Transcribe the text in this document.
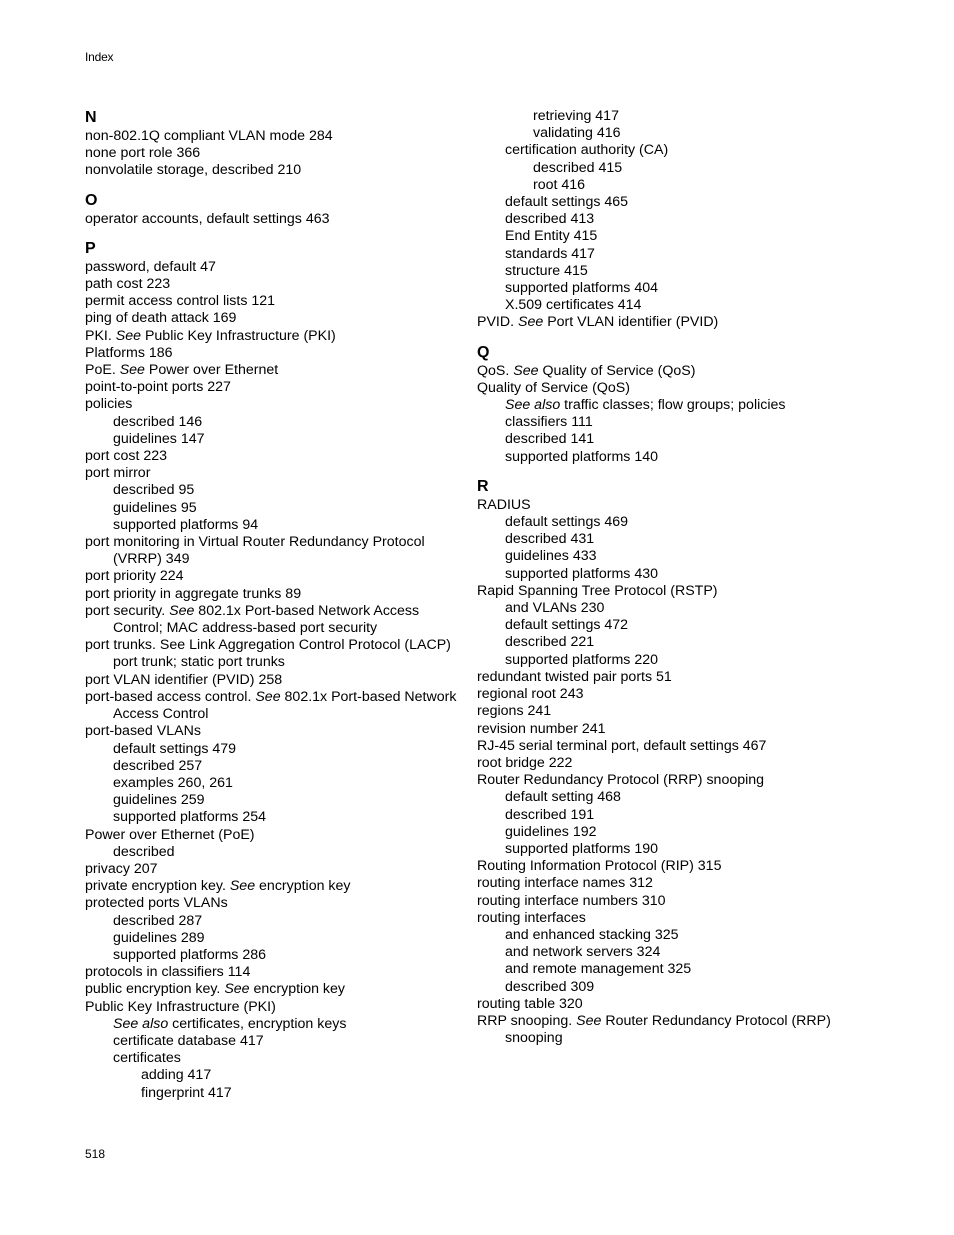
Index
N
non-802.1Q compliant VLAN mode 284
none port role 366
nonvolatile storage, described 210
O
operator accounts, default settings 463
P
password, default 47
path cost 223
permit access control lists 121
ping of death attack 169
PKI. See Public Key Infrastructure (PKI)
Platforms 186
PoE. See Power over Ethernet
point-to-point ports 227
policies
described 146
guidelines 147
port cost 223
port mirror
described 95
guidelines 95
supported platforms 94
port monitoring in Virtual Router Redundancy Protocol
(VRRP) 349
port priority 224
port priority in aggregate trunks 89
port security. See 802.1x Port-based Network Access
Control; MAC address-based port security
port trunks. See Link Aggregation Control Protocol (LACP)
port trunk; static port trunks
port VLAN identifier (PVID) 258
port-based access control. See 802.1x Port-based Network
Access Control
port-based VLANs
default settings 479
described 257
examples 260, 261
guidelines 259
supported platforms 254
Power over Ethernet (PoE)
described
privacy 207
private encryption key. See encryption key
protected ports VLANs
described 287
guidelines 289
supported platforms 286
protocols in classifiers 114
public encryption key. See encryption key
Public Key Infrastructure (PKI)
See also certificates, encryption keys
certificate database 417
certificates
adding 417
fingerprint 417
retrieving 417
validating 416
certification authority (CA)
described 415
root 416
default settings 465
described 413
End Entity 415
standards 417
structure 415
supported platforms 404
X.509 certificates 414
PVID. See Port VLAN identifier (PVID)
Q
QoS. See Quality of Service (QoS)
Quality of Service (QoS)
See also traffic classes; flow groups; policies
classifiers 111
described 141
supported platforms 140
R
RADIUS
default settings 469
described 431
guidelines 433
supported platforms 430
Rapid Spanning Tree Protocol (RSTP)
and VLANs 230
default settings 472
described 221
supported platforms 220
redundant twisted pair ports 51
regional root 243
regions 241
revision number 241
RJ-45 serial terminal port, default settings 467
root bridge 222
Router Redundancy Protocol (RRP) snooping
default setting 468
described 191
guidelines 192
supported platforms 190
Routing Information Protocol (RIP) 315
routing interface names 312
routing interface numbers 310
routing interfaces
and enhanced stacking 325
and network servers 324
and remote management 325
described 309
routing table 320
RRP snooping. See Router Redundancy Protocol (RRP)
snooping
518
